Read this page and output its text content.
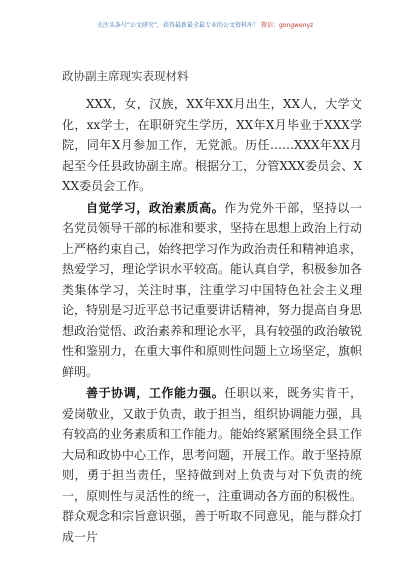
关注头条号“公文研究”，获得最新最全最专业的公文资料库！ 微信：gongwenyz
政协副主席现实表现材料

XXX，女，汉族，XX年XX月出生，XX人，大学文化，xx学士，在职研究生学历，XX年X月毕业于XXX学院，同年X月参加工作，无党派。历任……XXX年XX月起至今任县政协副主席。根据分工，分管XXX委员会、XXX委员会工作。

自觉学习，政治素质高。作为党外干部，坚持以一名党员领导干部的标准和要求，坚持在思想上政治上行动上严格约束自己，始终把学习作为政治责任和精神追求，热爱学习，理论学识水平较高。能认真自学，积极参加各类集体学习，关注时事，注重学习中国特色社会主义理论，特别是习近平总书记重要讲话精神，努力提高自身思想政治觉悟、政治素养和理论水平，具有较强的政治敏锐性和鉴别力，在重大事件和原则性问题上立场坚定，旗帜鲜明。

善于协调，工作能力强。任职以来，既务实肯干，爱岗敬业，又敢于负责，敢于担当，组织协调能力强，具有较高的业务素质和工作能力。能始终紧紧围绕全县工作大局和政协中心工作，思考问题，开展工作。敢于坚持原则，勇于担当责任，坚持做到对上负责与对下负责的统一，原则性与灵活性的统一，注重调动各方面的积极性。群众观念和宗旨意识强，善于听取不同意见，能与群众打成一片
